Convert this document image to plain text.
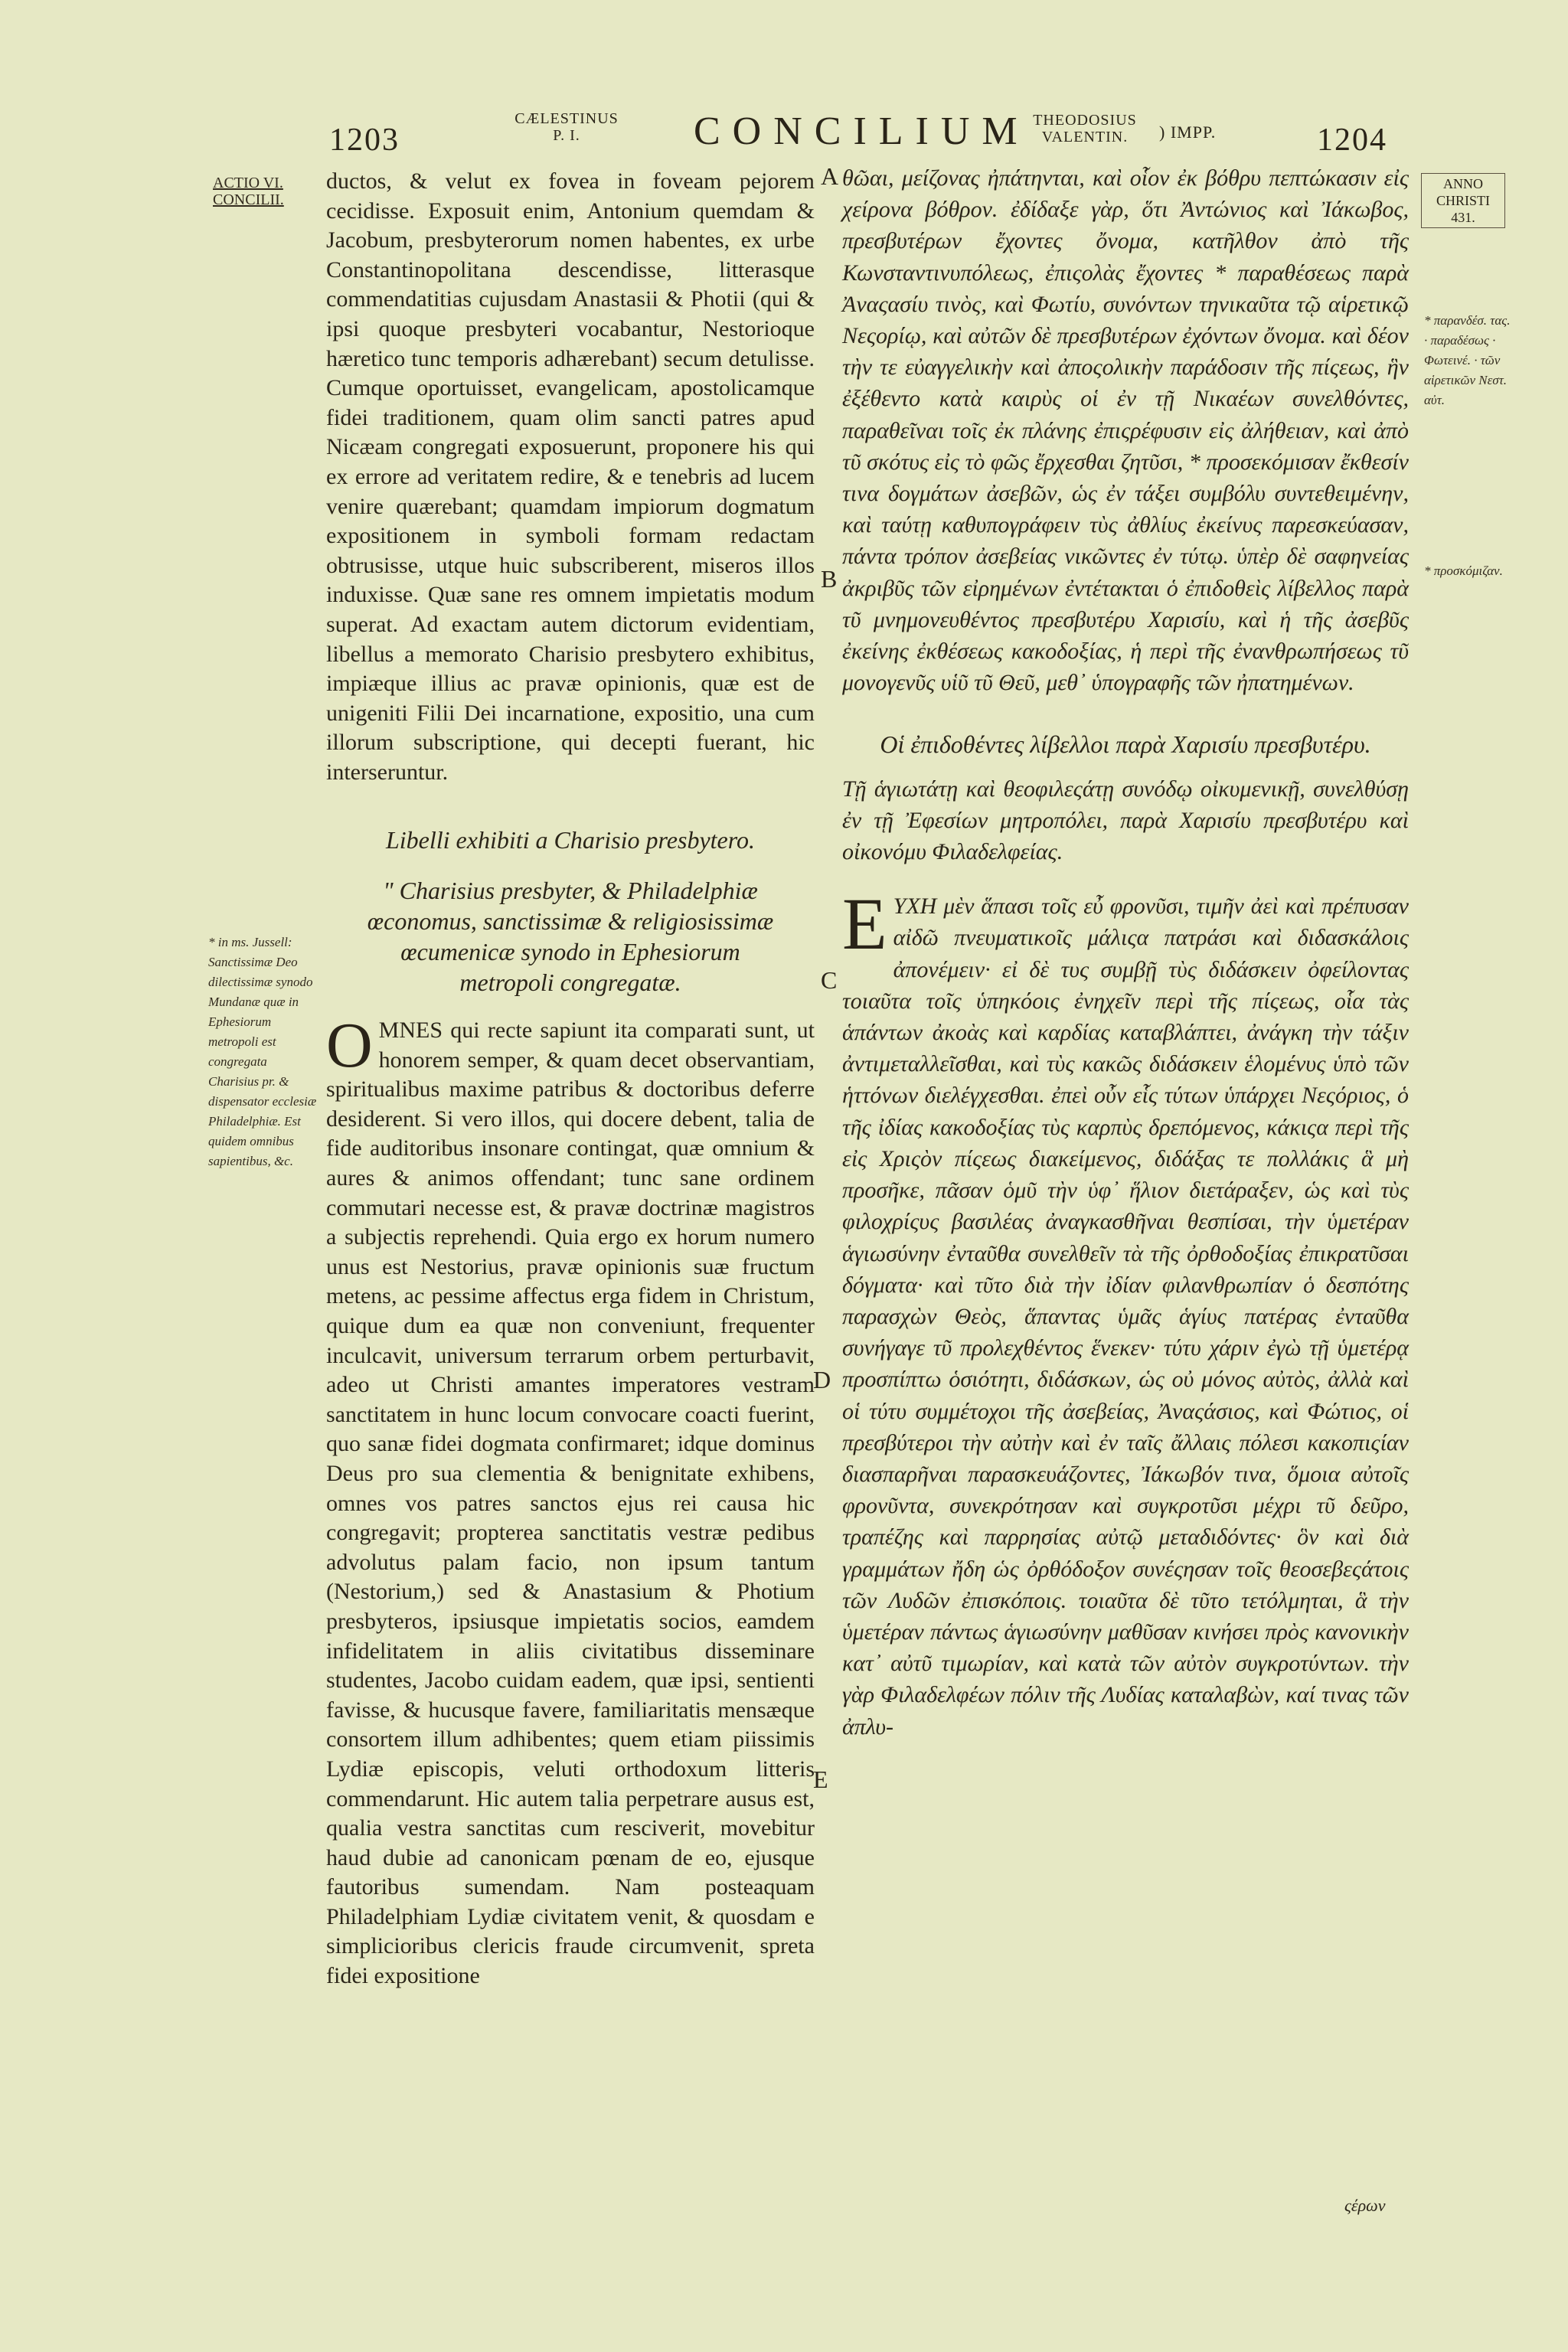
1203
CÆLESTINUS
P. I.	CONCILIUM THEODOSIUS
VALENTIN.	) IMPP.	1204
ACTIO VI. CONCILII.
* in ms. Jussell: Sanctissimæ Deo dilectissimæ synodo Mundanæ quæ in Ephesiorum metropoli est congregata Charisius pr. & dispensator ecclesiæ Philadelphiæ. Est quidem omnibus sapientibus, &c.
ANNO CHRISTI 431.
* παρανδέσ. τας. · παραδέσως · Φωτεινέ. · τῶν αἱρετικῶν Νεστ. αὐτ.
* προσκόμιζαν.
A
B
C
D
E

ductos, & velut ex fovea in foveam pejorem cecidisse. Exposuit enim, Antonium quemdam & Jacobum, presbyterorum nomen habentes, ex urbe Constantinopolitana descendisse, litterasque commendatitias cujusdam Anastasii & Photii (qui & ipsi quoque presbyteri vocabantur, Nestorioque hæretico tunc temporis adhærebant) secum detulisse. Cumque oportuisset, evangelicam, apostolicamque fidei traditionem, quam olim sancti patres apud Nicæam congregati exposuerunt, proponere his qui ex errore ad veritatem redire, & e tenebris ad lucem venire quærebant; quamdam impiorum dogmatum expositionem in symboli formam redactam obtrusisse, utque huic subscriberent, miseros illos induxisse. Quæ sane res omnem impietatis modum superat. Ad exactam autem dictorum evidentiam, libellus a memorato Charisio presbytero exhibitus, impiæque illius ac pravæ opinionis, quæ est de unigeniti Filii Dei incarnatione, expositio, una cum illorum subscriptione, qui decepti fuerant, hic interseruntur.

Libelli exhibiti a Charisio presbytero.

" Charisius presbyter, & Philadelphiæ œconomus, sanctissimæ & religiosissimæ œcumenicæ synodo in Ephesiorum metropoli congregatæ.

O MNES qui recte sapiunt ita comparati sunt, ut honorem semper, & quam decet observantiam, spiritualibus maxime patribus & doctoribus deferre desiderent. Si vero illos, qui docere debent, talia de fide auditoribus insonare contingat, quæ omnium & aures & animos offendant; tunc sane ordinem commutari necesse est, & pravæ doctrinæ magistros a subjectis reprehendi. Quia ergo ex horum numero unus est Nestorius, pravæ opinionis suæ fructum metens, ac pessime affectus erga fidem in Christum, quique dum ea quæ non conveniunt, frequenter inculcavit, universum terrarum orbem perturbavit, adeo ut Christi amantes imperatores vestram sanctitatem in hunc locum convocare coacti fuerint, quo sanæ fidei dogmata confirmaret; idque dominus Deus pro sua clementia & benignitate exhibens, omnes vos patres sanctos ejus rei causa hic congregavit; propterea sanctitatis vestræ pedibus advolutus palam facio, non ipsum tantum (Nestorium,) sed & Anastasium & Photium presbyteros, ipsiusque impietatis socios, eamdem infidelitatem in aliis civitatibus disseminare studentes, Jacobo cuidam eadem, quæ ipsi, sentienti favisse, & hucusque favere, familiaritatis mensæque consortem illum adhibentes; quem etiam piissimis Lydiæ episcopis, veluti orthodoxum litteris commendarunt. Hic autem talia perpetrare ausus est, qualia vestra sanctitas cum resciverit, movebitur haud dubie ad canonicam pœnam de eo, ejusque fautoribus sumendam. Nam posteaquam Philadelphiam Lydiæ civitatem venit, & quosdam e simplicioribus clericis fraude circumvenit, spreta fidei expositione

θῶαι, μείζονας ἠπάτηνται, καὶ οἷον ἐκ βόθρυ πεπτώκασιν εἰς χείρονα βόθρον. ἐδίδαξε γὰρ, ὅτι Ἀντώνιος καὶ Ἰάκωβος, πρεσβυτέρων ἔχοντες ὄνομα, κατῆλθον ἀπὸ τῆς Κωνσταντινυπόλεως, ἐπιςολὰς ἔχοντες * παραθέσεως παρὰ Ἀναςασίυ τινὸς, καὶ Φωτίυ, συνόντων τηνικαῦτα τῷ αἱρετικῷ Νεςορίῳ, καὶ αὐτῶν δὲ πρεσβυτέρων ἐχόντων ὄνομα. καὶ δέον τὴν τε εὐαγγελικὴν καὶ ἀποςολικὴν παράδοσιν τῆς πίςεως, ἣν ἐξέθεντο κατὰ καιρὺς οἱ ἐν τῇ Νικαέων συνελθόντες, παραθεῖναι τοῖς ἐκ πλάνης ἐπιςρέφυσιν εἰς ἀλήθειαν, καὶ ἀπὸ τῦ σκότυς εἰς τὸ φῶς ἔρχεσθαι ζητῦσι, * προσεκόμισαν ἔκθεσίν τινα δογμάτων ἀσεβῶν, ὡς ἐν τάξει συμβόλυ συντεθειμένην, καὶ ταύτῃ καθυπογράφειν τὺς ἀθλίυς ἐκείνυς παρεσκεύασαν, πάντα τρόπον ἀσεβείας νικῶντες ἐν τύτῳ. ὑπὲρ δὲ σαφηνείας ἀκριβῦς τῶν εἰρημένων ἐντέτακται ὁ ἐπιδοθεὶς λίβελλος παρὰ τῦ μνημονευθέντος πρεσβυτέρυ Χαρισίυ, καὶ ἡ τῆς ἀσεβῦς ἐκείνης ἐκθέσεως κακοδοξίας, ἡ περὶ τῆς ἐνανθρωπήσεως τῦ μονογενῦς υἱῦ τῦ Θεῦ, μεθ᾽ ὑπογραφῆς τῶν ἠπατημένων.

Οἱ ἐπιδοθέντες λίβελλοι παρὰ Χαρισίυ πρεσβυτέρυ.

Τῇ ἁγιωτάτῃ καὶ θεοφιλεςάτῃ συνόδῳ οἰκυμενικῇ, συνελθύσῃ ἐν τῇ Ἐφεσίων μητροπόλει, παρὰ Χαρισίυ πρεσβυτέρυ καὶ οἰκονόμυ Φιλαδελφείας.

Ε ΥΧΗ μὲν ἅπασι τοῖς εὖ φρονῦσι, τιμῆν ἀεὶ καὶ πρέπυσαν αἰδῶ πνευματικοῖς μάλιςα πατράσι καὶ διδασκάλοις ἀπονέμειν· εἰ δὲ τυς συμβῇ τὺς διδάσκειν ὀφείλοντας τοιαῦτα τοῖς ὑπηκόοις ἐνηχεῖν περὶ τῆς πίςεως, οἷα τὰς ἁπάντων ἀκοὰς καὶ καρδίας καταβλάπτει, ἀνάγκη τὴν τάξιν ἀντιμεταλλεῖσθαι, καὶ τὺς κακῶς διδάσκειν ἑλομένυς ὑπὸ τῶν ἡττόνων διελέγχεσθαι. ἐπεὶ οὖν εἷς τύτων ὑπάρχει Νεςόριος, ὁ τῆς ἰδίας κακοδοξίας τὺς καρπὺς δρεπόμενος, κάκιςα περὶ τῆς εἰς Χριςὸν πίςεως διακείμενος, διδάξας τε πολλάκις ἃ μὴ προσῆκε, πᾶσαν ὁμῦ τὴν ὑφ᾽ ἥλιον διετάραξεν, ὡς καὶ τὺς φιλοχρίςυς βασιλέας ἀναγκασθῆναι θεσπίσαι, τὴν ὑμετέραν ἁγιωσύνην ἐνταῦθα συνελθεῖν τὰ τῆς ὀρθοδοξίας ἐπικρατῦσαι δόγματα· καὶ τῦτο διὰ τὴν ἰδίαν φιλανθρωπίαν ὁ δεσπότης παρασχὼν Θεὸς, ἅπαντας ὑμᾶς ἁγίυς πατέρας ἐνταῦθα συνήγαγε τῦ προλεχθέντος ἕνεκεν· τύτυ χάριν ἐγὼ τῇ ὑμετέρᾳ προσπίπτω ὁσιότητι, διδάσκων, ὡς οὐ μόνος αὐτὸς, ἀλλὰ καὶ οἱ τύτυ συμμέτοχοι τῆς ἀσεβείας, Ἀναςάσιος, καὶ Φώτιος, οἱ πρεσβύτεροι τὴν αὐτὴν καὶ ἐν ταῖς ἄλλαις πόλεσι κακοπιςίαν διασπαρῆναι παρασκευάζοντες, Ἰάκωβόν τινα, ὅμοια αὐτοῖς φρονῦντα, συνεκρότησαν καὶ συγκροτῦσι μέχρι τῦ δεῦρο, τραπέζης καὶ παρρησίας αὐτῷ μεταδιδόντες· ὃν καὶ διὰ γραμμάτων ἤδη ὡς ὀρθόδοξον συνέςησαν τοῖς θεοσεβεςάτοις τῶν Λυδῶν ἐπισκόποις. τοιαῦτα δὲ τῦτο τετόλμηται, ἃ τὴν ὑμετέραν πάντως ἁγιωσύνην μαθῦσαν κινήσει πρὸς κανονικὴν κατ᾽ αὐτῦ τιμωρίαν, καὶ κατὰ τῶν αὐτὸν συγκροτύντων. τὴν γὰρ Φιλαδελφέων πόλιν τῆς Λυδίας καταλαβὼν, καί τινας τῶν ἀπλυ-
ςέρων
